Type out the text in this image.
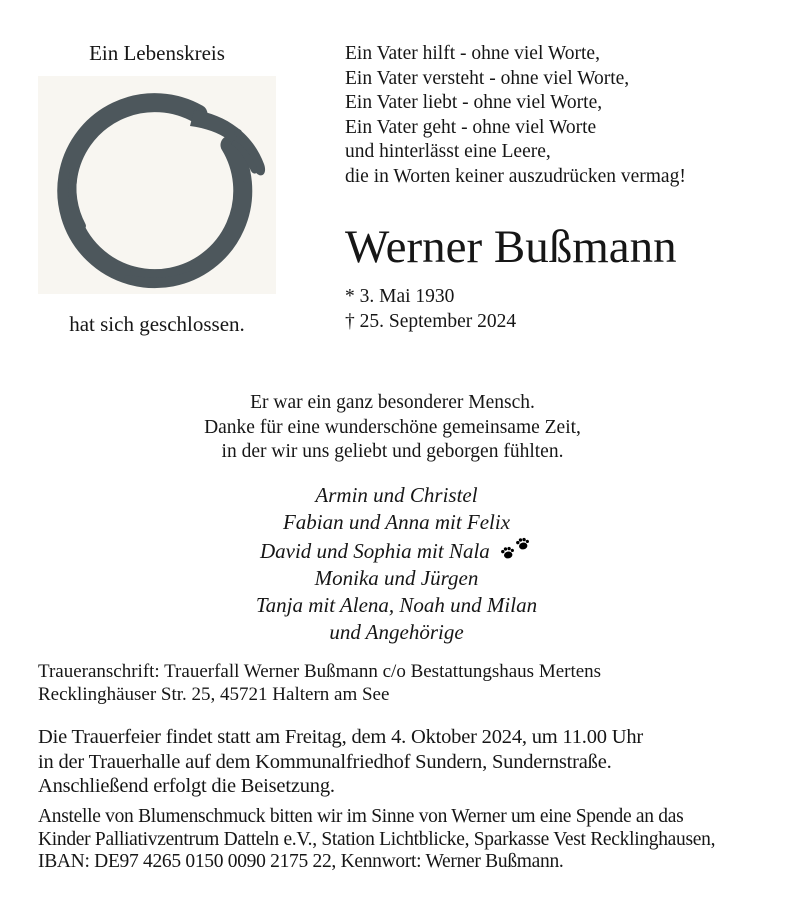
Ein Lebenskreis
hat sich geschlossen.
Ein Vater hilft - ohne viel Worte,
Ein Vater versteht - ohne viel Worte,
Ein Vater liebt - ohne viel Worte,
Ein Vater geht - ohne viel Worte
und hinterlässt eine Leere,
die in Worten keiner auszudrücken vermag!
Werner Bußmann
* 3. Mai 1930
† 25. September 2024
Er war ein ganz besonderer Mensch.
Danke für eine wunderschöne gemeinsame Zeit,
in der wir uns geliebt und geborgen fühlten.
Armin und Christel
Fabian und Anna mit Felix
David und Sophia mit Nala
Monika und Jürgen
Tanja mit Alena, Noah und Milan
und Angehörige
Traueranschrift: Trauerfall Werner Bußmann c/o Bestattungshaus Mertens
Recklinghäuser Str. 25, 45721 Haltern am See
Die Trauerfeier findet statt am Freitag, dem 4. Oktober 2024, um 11.00 Uhr
in der Trauerhalle auf dem Kommunalfriedhof Sundern, Sundernstraße.
Anschließend erfolgt die Beisetzung.
Anstelle von Blumenschmuck bitten wir im Sinne von Werner um eine Spende an das
Kinder Palliativzentrum Datteln e.V., Station Lichtblicke, Sparkasse Vest Recklinghausen,
IBAN: DE97 4265 0150 0090 2175 22, Kennwort: Werner Bußmann.
